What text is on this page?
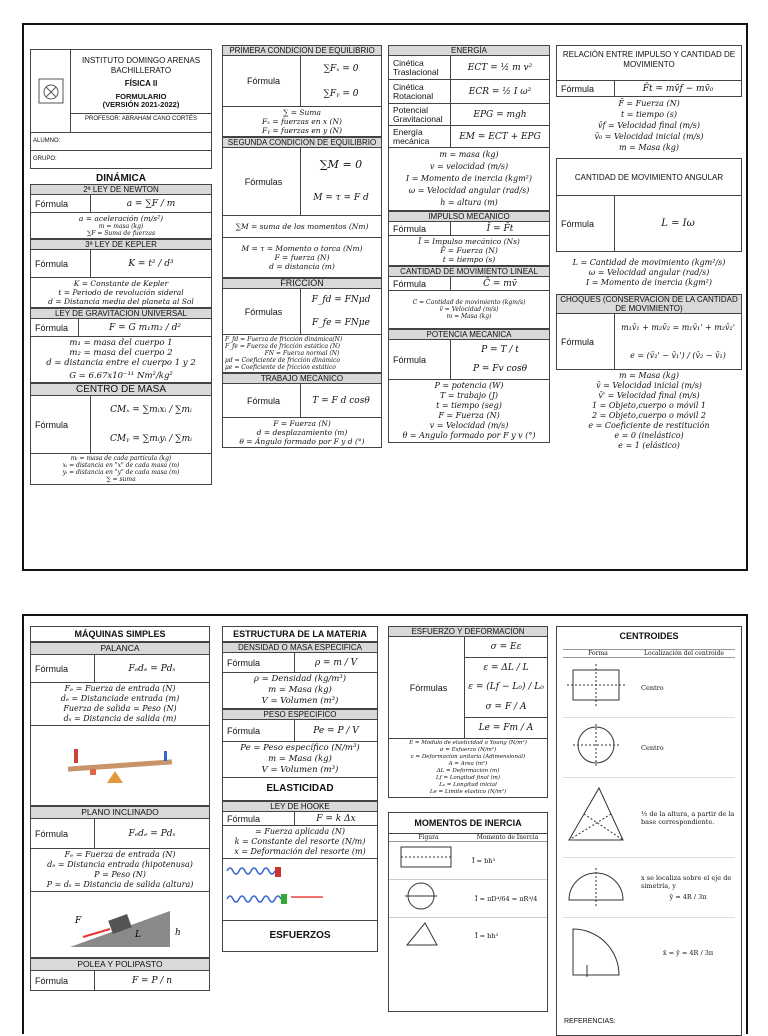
INSTITUTO DOMINGO ARENAS
BACHILLERATO
FÍSICA II
FORMULARIO
(VERSIÓN 2021-2022)
PROFESOR: ABRAHAM CANO CORTÉS
ALUMNO:
GRUPO:
DINÁMICA
2ª LEY DE NEWTON
Fórmula	a = ∑F / m
a = aceleración (m/s²)
m = masa (kg)
∑F = Suma de fuerzas
3ª LEY DE KEPLER
Fórmula	K = t² / d³
K = Constante de Kepler
t = Periodo de revolución sideral
d = Distancia media del planeta al Sol
LEY DE GRAVITACION UNIVERSAL
Fórmula	F = G m₁m₂ / d²
m₁ = masa del cuerpo 1
m₂ = masa del cuerpo 2
d = distancia entre el cuerpo 1 y 2
G = 6.67x10⁻¹¹ Nm²/kg²
CENTRO DE MASA
Fórmula
CMₓ = ∑mᵢxᵢ / ∑mᵢ
CMᵧ = ∑mᵢyᵢ / ∑mᵢ
mᵢ = masa de cada partícula (kg)
xᵢ = distancia en "x" de cada masa (m)
yᵢ = distancia en "y" de cada masa (m)
∑ = suma
PRIMERA CONDICION DE EQUILIBRIO
Fórmula
∑Fₓ = 0
∑Fᵧ = 0
∑ = Suma
Fₓ = fuerzas en x (N)
Fᵧ = fuerzas en y (N)
SEGUNDA CONDICION DE EQUILIBRIO
Fórmulas
∑M = 0
M = τ = F d
∑M = suma de los momentos (Nm)
M = τ = Momento o torca (Nm)
F = fuerza (N)
d = distancia (m)
FRICCION
Fórmulas
F_fd = FNμd
F_fe = FNμe
F_fd = Fuerza de fricción dinámica(N)
F_fe = Fuerza de fricción estática (N)
FN = Fuerza normal (N)
μd = Coeficiente de fricción dinámico
μe = Coeficiente de fricción estático
TRABAJO MECANICO
Fórmula	T = F d cosθ
F = Fuerza (N)
d = desplazamiento (m)
θ = Ángulo formado por F y d (°)
ENERGÍA
Cinética Traslacional	ECT = ½ m v²
Cinética Rotacional	ECR = ½ I ω²
Potencial Gravitacional	EPG = mgh
Energía mecánica	EM = ECT + EPG
m = masa (kg)
v = velocidad (m/s)
I = Momento de inercia (kgm²)
ω = Velocidad angular (rad/s)
h = altura (m)
IMPULSO MECANICO
Fórmula	Ī = F̄t
Ī = Impulso mecánico (Ns)
F̄ = Fuerza (N)
t = tiempo (s)
CANTIDAD DE MOVIMIENTO LINEAL
Fórmula	C̄ = mv̄
C̄ = Cantidad de movimiento (kgm/s)
v̄ = Velocidad (m/s)
m = Masa (kg)
POTENCIA MECANICA
Fórmula
P = T / t
P = Fv cosθ
P = potencia (W)
T = trabajo (J)
t = tiempo (seg)
F = Fuerza (N)
v = Velocidad (m/s)
θ = Ángulo formado por F y v (°)
RELACIÓN ENTRE IMPULSO Y CANTIDAD DE MOVIMIENTO
Fórmula	F̄t = mv̄f − mv̄₀
F̄ = Fuerza (N)
t = tiempo (s)
v̄f = Velocidad final (m/s)
v̄₀ = Velocidad inicial (m/s)
m = Masa (kg)
CANTIDAD DE MOVIMIENTO ANGULAR
Fórmula	L = Iω
L = Cantidad de movimiento (kgm²/s)
ω = Velocidad angular (rad/s)
I = Momento de inercia (kgm²)
CHOQUES (CONSERVACION DE LA CANTIDAD DE MOVIMIENTO)
Fórmula
m₁v̄₁ + m₂v̄₂ = m₁v̄₁' + m₂v̄₂'
e = (v̄₂' − v̄₁') / (v̄₂ − v̄₁)
m = Masa (kg)
v̄ = Velocidad inicial (m/s)
v̄' = Velocidad final (m/s)
1 = Objeto,cuerpo o móvil 1
2 = Objeto,cuerpo o móvil 2
e = Coeficiente de restitución
e = 0 (inelástico)
e = 1 (elástico)
MÁQUINAS SIMPLES
PALANCA
Fórmula	Fₑdₑ = Pdₛ
Fₑ = Fuerza de entrada (N)
dₑ = Distanciade entrada (m)
Fuerza de salida = Peso (N)
dₛ = Distancia de salida (m)
PLANO INCLINADO
Fórmula	Fₑdₑ = Pdₛ
Fₑ = Fuerza de entrada (N)
dₑ = Distancia entrada (hipotenusa)
P = Peso (N)
P = dₛ = Distancia de salida (altura)
F
L	h
POLEA Y POLIPASTO
Fórmula	F = P / n
ESTRUCTURA DE LA MATERIA
DENSIDAD O MASA ESPECIFICA
Fórmula	ρ = m / V
ρ = Densidad (kg/m³)
m = Masa (kg)
V = Volumen (m³)
PESO ESPECIFICO
Fórmula	Pe = P / V
Pe = Peso específico (N/m³)
m = Masa (kg)
V = Volumen (m³)
ELASTICIDAD
LEY DE HOOKE
Fórmula	F = k Δx
= Fuerza aplicada (N)
k = Constante del resorte (N/m)
x = Deformación del resorte (m)
ESFUERZOS
ESFUERZO Y DEFORMACION
Fórmulas
σ = Eε
ε = ΔL / L
ε = (Lf − L₀) / L₀
σ = F / A
Le = Fm / A
E = Módulo de elasticidad o Young (N/m²)
σ = Esfuerzo (N/m²)
ε = Deformación unitaria (Adimensional)
A = Área (m²)
ΔL = Deformación (m)
Lf = Longitud final (m)
L₀ = Longitud inicial
Le = Límite elastico (N/m²)
MOMENTOS DE INERCIA
Figura	Momento de Inercia
Ī = bh³
Ī = πD⁴/64 = πR⁴/4
Ī = bh³
CENTROIDES
Forma	Localización del centroide
Centro
Centro
⅓ de la altura, a partir de la base correspondiente.
x se localiza sobre el eje de simetría, y
ȳ = 4R / 3π
x̄ = ȳ = 4R / 3π
REFERENCIAS:
